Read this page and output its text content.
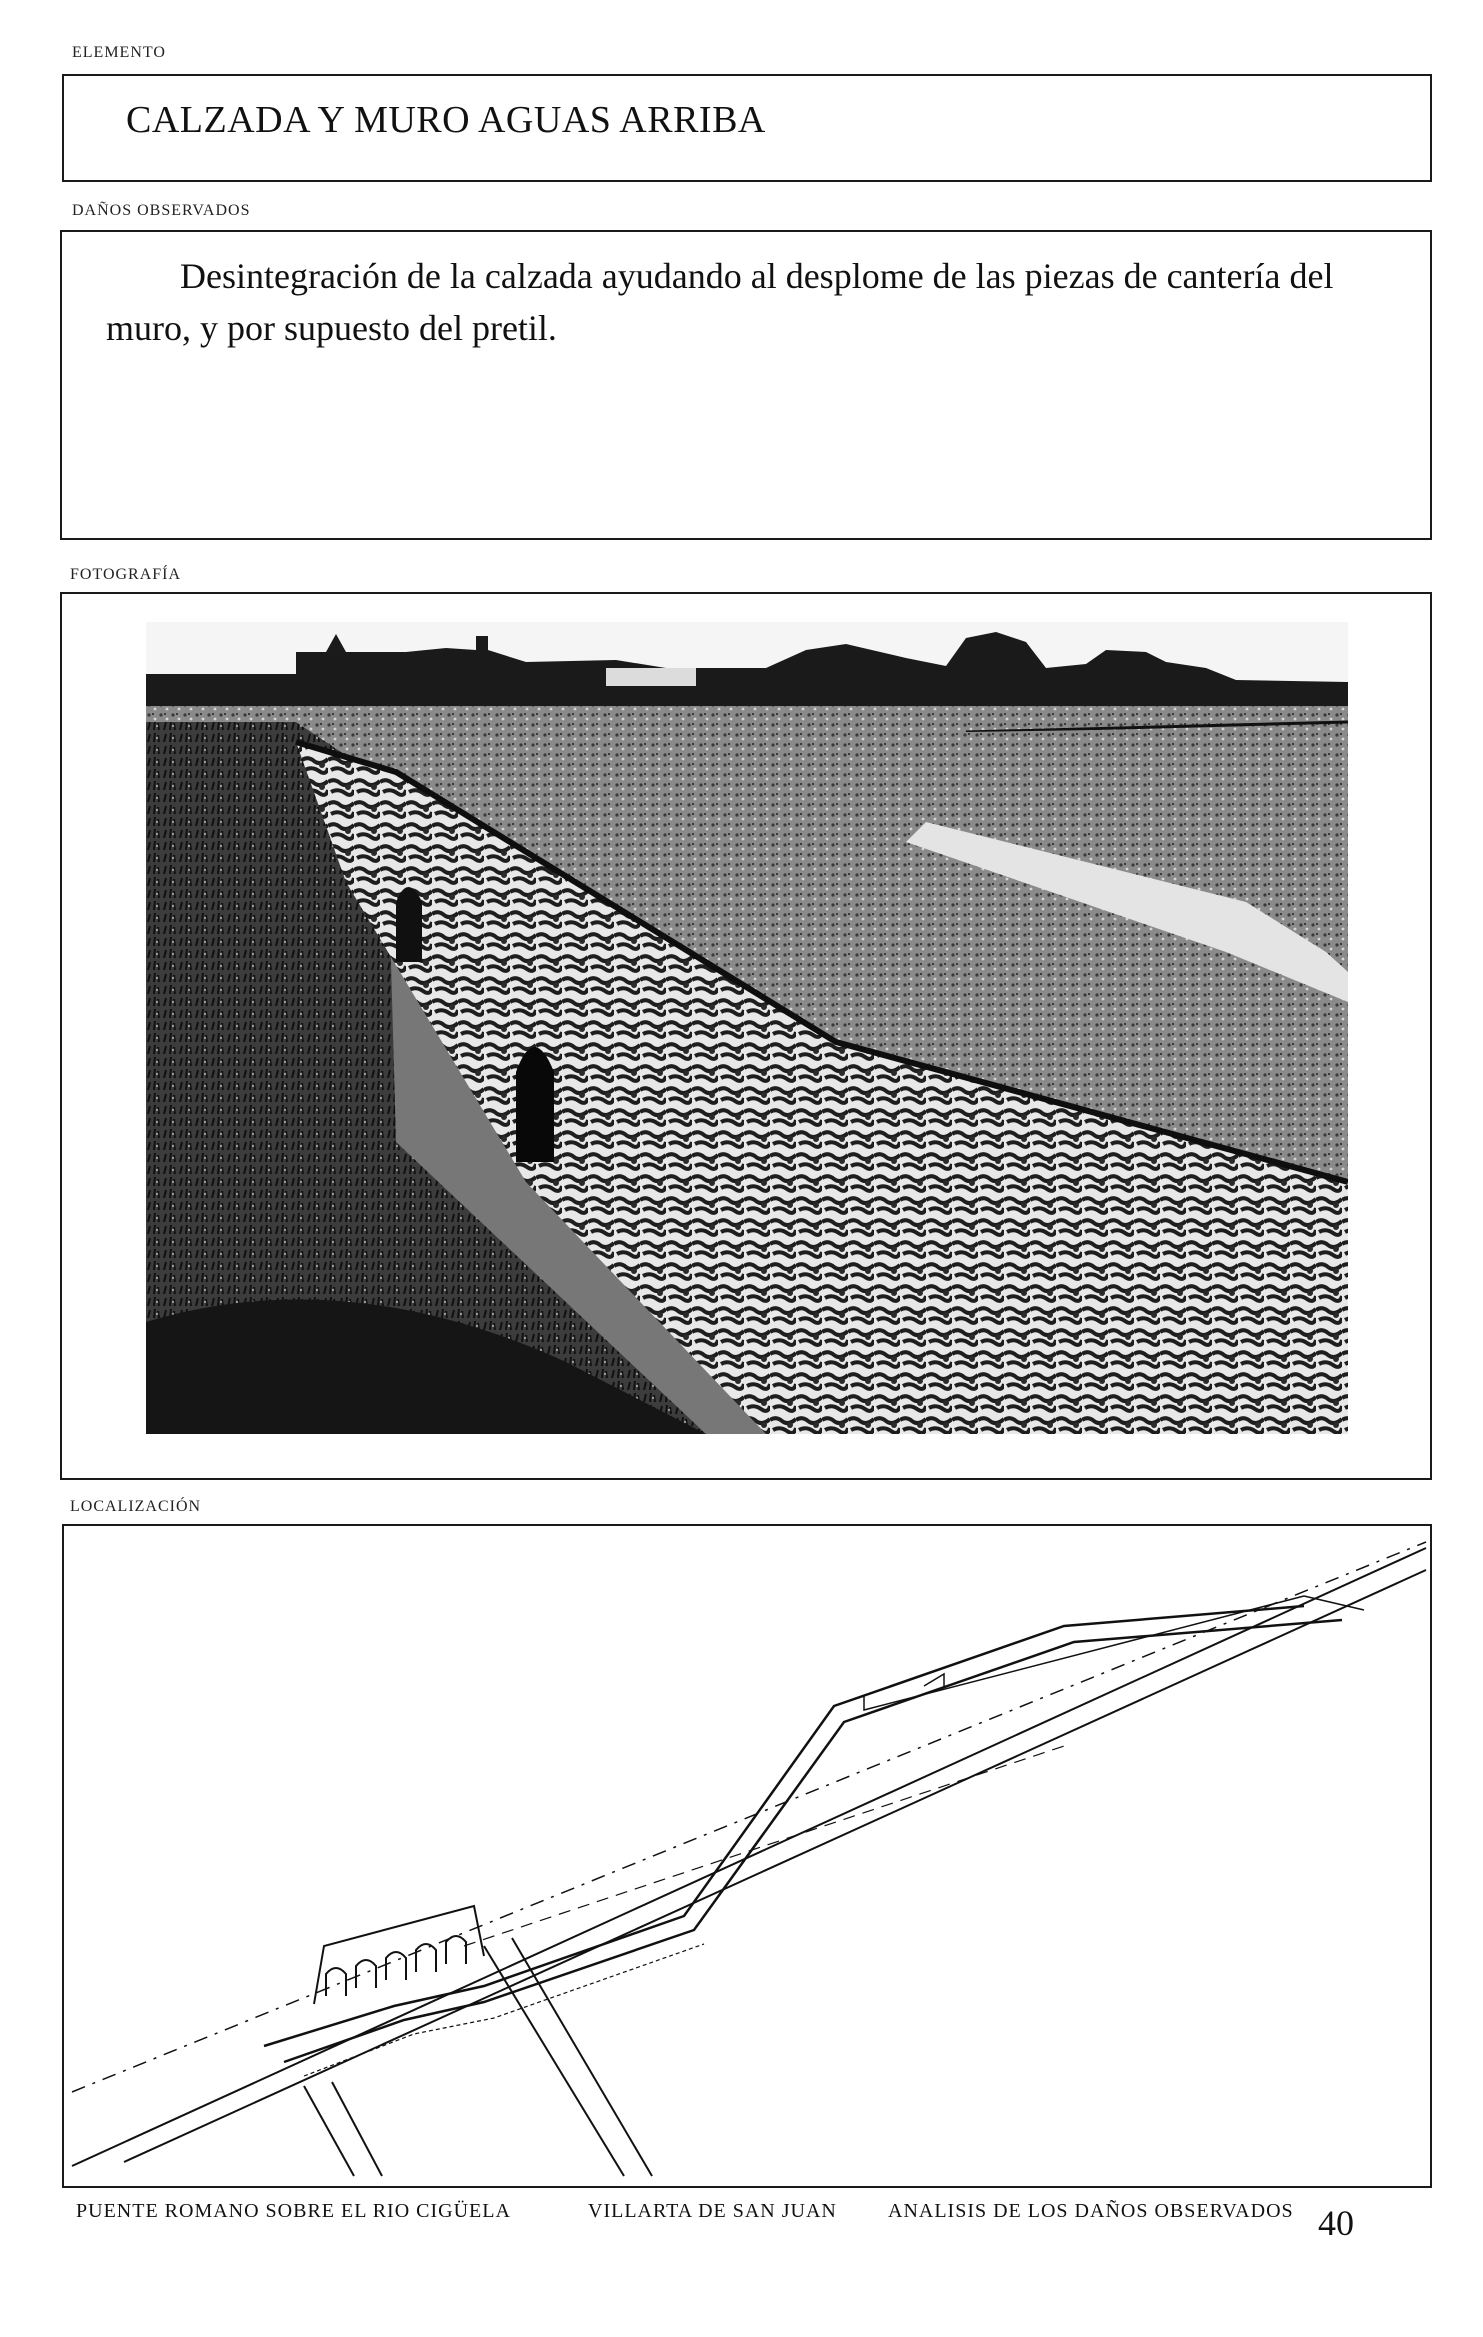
ELEMENTO
CALZADA Y MURO AGUAS ARRIBA
DAÑOS OBSERVADOS

Desintegración de la calzada ayudando al desplome de las piezas de cantería del muro, y por supuesto del pretil.

FOTOGRAFÍA
LOCALIZACIÓN
PUENTE ROMANO SOBRE EL RIO CIGÜELA	VILLARTA DE SAN JUAN	ANALISIS DE LOS DAÑOS OBSERVADOS 40
